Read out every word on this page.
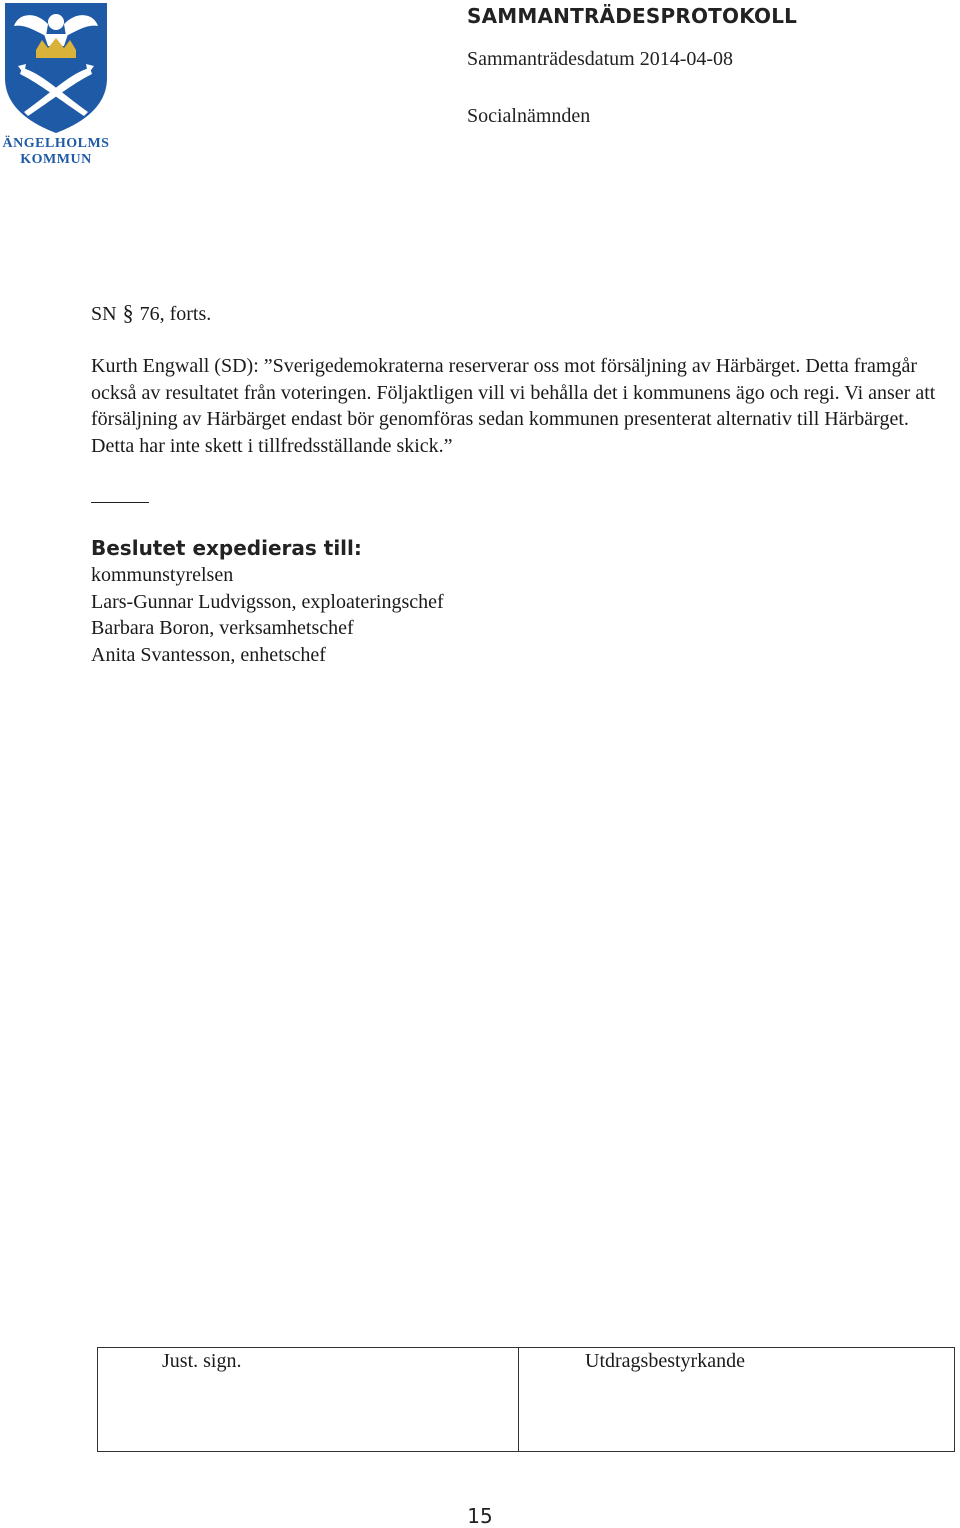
ÄNGELHOLMS
KOMMUN
SAMMANTRÄDESPROTOKOLL
Sammanträdesdatum 2014-04-08
Socialnämnden
SN § 76, forts.

Kurth Engwall (SD): ”Sverigedemokraterna reserverar oss mot försäljning av Härbärget. Detta framgår också av resultatet från voteringen. Följaktligen vill vi behålla det i kommunens ägo och regi. Vi anser att försäljning av Härbärget endast bör genomföras sedan kommunen presenterat alternativ till Härbärget. Detta har inte skett i tillfredsställande skick.”

Beslutet expedieras till:
kommunstyrelsen
Lars-Gunnar Ludvigsson, exploateringschef
Barbara Boron, verksamhetschef
Anita Svantesson, enhetschef
Just. sign.	Utdragsbestyrkande
15
